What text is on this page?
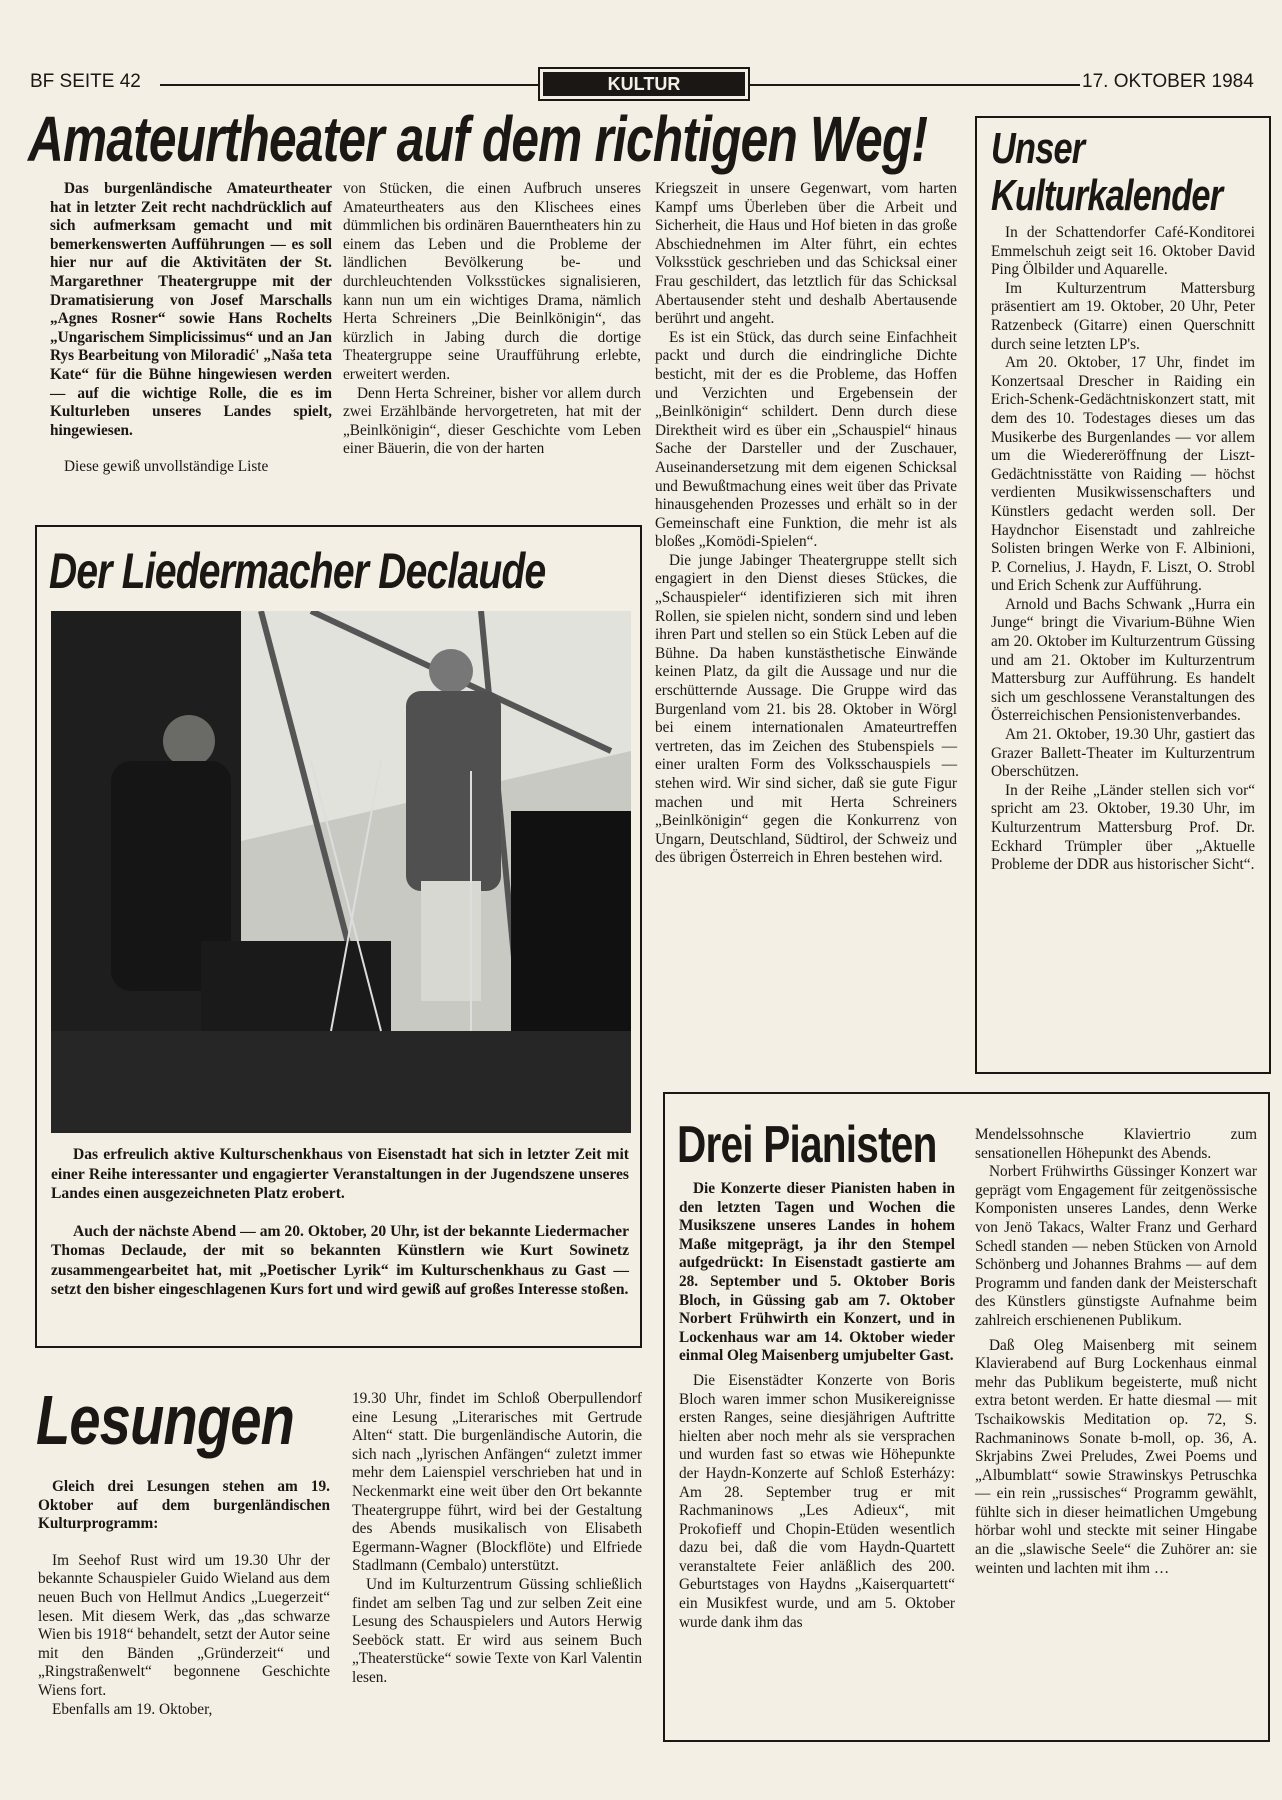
BF SEITE 42	KULTUR	17. OKTOBER 1984
Amateurtheater auf dem richtigen Weg!

Das burgenländische Amateurtheater hat in letzter Zeit recht nachdrücklich auf sich aufmerksam gemacht und mit bemerkenswerten Aufführungen — es soll hier nur auf die Aktivitäten der St. Margarethner Theatergruppe mit der Dramatisierung von Josef Marschalls „Agnes Rosner“ sowie Hans Rochelts „Ungarischem Simplicissimus“ und an Jan Rys Bearbeitung von Miloradić' „Naša teta Kate“ für die Bühne hingewiesen werden — auf die wichtige Rolle, die es im Kulturleben unseres Landes spielt, hingewiesen.

Diese gewiß unvollständige Liste

von Stücken, die einen Aufbruch unseres Amateurtheaters aus den Klischees eines dümmlichen bis ordinären Bauerntheaters hin zu einem das Leben und die Probleme der ländlichen Bevölkerung be- und durchleuchtenden Volksstückes signalisieren, kann nun um ein wichtiges Drama, nämlich Herta Schreiners „Die Beinlkönigin“, das kürzlich in Jabing durch die dortige Theatergruppe seine Uraufführung erlebte, erweitert werden.

Denn Herta Schreiner, bisher vor allem durch zwei Erzählbände hervorgetreten, hat mit der „Beinlkönigin“, dieser Geschichte vom Leben einer Bäuerin, die von der harten

Kriegszeit in unsere Gegenwart, vom harten Kampf ums Überleben über die Arbeit und Sicherheit, die Haus und Hof bieten in das große Abschiednehmen im Alter führt, ein echtes Volksstück geschrieben und das Schicksal einer Frau geschildert, das letztlich für das Schicksal Abertausender steht und deshalb Abertausende berührt und angeht.

Es ist ein Stück, das durch seine Einfachheit packt und durch die eindringliche Dichte besticht, mit der es die Probleme, das Hoffen und Verzichten und Ergebensein der „Beinlkönigin“ schildert. Denn durch diese Direktheit wird es über ein „Schauspiel“ hinaus Sache der Darsteller und der Zuschauer, Auseinandersetzung mit dem eigenen Schicksal und Bewußtmachung eines weit über das Private hinausgehenden Prozesses und erhält so in der Gemeinschaft eine Funktion, die mehr ist als bloßes „Komödi-Spielen“.

Die junge Jabinger Theatergruppe stellt sich engagiert in den Dienst dieses Stückes, die „Schauspieler“ identifizieren sich mit ihren Rollen, sie spielen nicht, sondern sind und leben ihren Part und stellen so ein Stück Leben auf die Bühne. Da haben kunstästhetische Einwände keinen Platz, da gilt die Aussage und nur die erschütternde Aussage. Die Gruppe wird das Burgenland vom 21. bis 28. Oktober in Wörgl bei einem internationalen Amateurtreffen vertreten, das im Zeichen des Stubenspiels — einer uralten Form des Volksschauspiels — stehen wird. Wir sind sicher, daß sie gute Figur machen und mit Herta Schreiners „Beinlkönigin“ gegen die Konkurrenz von Ungarn, Deutschland, Südtirol, der Schweiz und des übrigen Österreich in Ehren bestehen wird.

Unser
Kulturkalender

In der Schattendorfer Café-Konditorei Emmelschuh zeigt seit 16. Oktober David Ping Ölbilder und Aquarelle.

Im Kulturzentrum Mattersburg präsentiert am 19. Oktober, 20 Uhr, Peter Ratzenbeck (Gitarre) einen Querschnitt durch seine letzten LP's.

Am 20. Oktober, 17 Uhr, findet im Konzertsaal Drescher in Raiding ein Erich-Schenk-Gedächtniskonzert statt, mit dem des 10. Todestages dieses um das Musikerbe des Burgenlandes — vor allem um die Wiedereröffnung der Liszt-Gedächtnisstätte von Raiding — höchst verdienten Musikwissenschafters und Künstlers gedacht werden soll. Der Haydnchor Eisenstadt und zahlreiche Solisten bringen Werke von F. Albinioni, P. Cornelius, J. Haydn, F. Liszt, O. Strobl und Erich Schenk zur Aufführung.

Arnold und Bachs Schwank „Hurra ein Junge“ bringt die Vivarium-Bühne Wien am 20. Oktober im Kulturzentrum Güssing und am 21. Oktober im Kulturzentrum Mattersburg zur Aufführung. Es handelt sich um geschlossene Veranstaltungen des Österreichischen Pensionistenverbandes.

Am 21. Oktober, 19.30 Uhr, gastiert das Grazer Ballett-Theater im Kulturzentrum Oberschützen.

In der Reihe „Länder stellen sich vor“ spricht am 23. Oktober, 19.30 Uhr, im Kulturzentrum Mattersburg Prof. Dr. Eckhard Trümpler über „Aktuelle Probleme der DDR aus historischer Sicht“.

Der Liedermacher Declaude

Das erfreulich aktive Kulturschenkhaus von Eisenstadt hat sich in letzter Zeit mit einer Reihe interessanter und engagierter Veranstaltungen in der Jugendszene unseres Landes einen ausgezeichneten Platz erobert.

Auch der nächste Abend — am 20. Oktober, 20 Uhr, ist der bekannte Liedermacher Thomas Declaude, der mit so bekannten Künstlern wie Kurt Sowinetz zusammengearbeitet hat, mit „Poetischer Lyrik“ im Kulturschenkhaus zu Gast — setzt den bisher eingeschlagenen Kurs fort und wird gewiß auf großes Interesse stoßen.

Lesungen

Gleich drei Lesungen stehen am 19. Oktober auf dem burgenländischen Kulturprogramm:

Im Seehof Rust wird um 19.30 Uhr der bekannte Schauspieler Guido Wieland aus dem neuen Buch von Hellmut Andics „Luegerzeit“ lesen. Mit diesem Werk, das „das schwarze Wien bis 1918“ behandelt, setzt der Autor seine mit den Bänden „Gründerzeit“ und „Ringstraßenwelt“ begonnene Geschichte Wiens fort.

Ebenfalls am 19. Oktober,

19.30 Uhr, findet im Schloß Oberpullendorf eine Lesung „Literarisches mit Gertrude Alten“ statt. Die burgenländische Autorin, die sich nach „lyrischen Anfängen“ zuletzt immer mehr dem Laienspiel verschrieben hat und in Neckenmarkt eine weit über den Ort bekannte Theatergruppe führt, wird bei der Gestaltung des Abends musikalisch von Elisabeth Egermann-Wagner (Blockflöte) und Elfriede Stadlmann (Cembalo) unterstützt.

Und im Kulturzentrum Güssing schließlich findet am selben Tag und zur selben Zeit eine Lesung des Schauspielers und Autors Herwig Seeböck statt. Er wird aus seinem Buch „Theaterstücke“ sowie Texte von Karl Valentin lesen.

Drei Pianisten

Die Konzerte dieser Pianisten haben in den letzten Tagen und Wochen die Musikszene unseres Landes in hohem Maße mitgeprägt, ja ihr den Stempel aufgedrückt: In Eisenstadt gastierte am 28. September und 5. Oktober Boris Bloch, in Güssing gab am 7. Oktober Norbert Frühwirth ein Konzert, und in Lockenhaus war am 14. Oktober wieder einmal Oleg Maisenberg umjubelter Gast.

Die Eisenstädter Konzerte von Boris Bloch waren immer schon Musikereignisse ersten Ranges, seine diesjährigen Auftritte hielten aber noch mehr als sie versprachen und wurden fast so etwas wie Höhepunkte der Haydn-Konzerte auf Schloß Esterházy: Am 28. September trug er mit Rachmaninows „Les Adieux“, mit Prokofieff und Chopin-Etüden wesentlich dazu bei, daß die vom Haydn-Quartett veranstaltete Feier anläßlich des 200. Geburtstages von Haydns „Kaiserquartett“ ein Musikfest wurde, und am 5. Oktober wurde dank ihm das

Mendelssohnsche Klaviertrio zum sensationellen Höhepunkt des Abends.

Norbert Frühwirths Güssinger Konzert war geprägt vom Engagement für zeitgenössische Komponisten unseres Landes, denn Werke von Jenö Takacs, Walter Franz und Gerhard Schedl standen — neben Stücken von Arnold Schönberg und Johannes Brahms — auf dem Programm und fanden dank der Meisterschaft des Künstlers günstigste Aufnahme beim zahlreich erschienenen Publikum.

Daß Oleg Maisenberg mit seinem Klavierabend auf Burg Lockenhaus einmal mehr das Publikum begeisterte, muß nicht extra betont werden. Er hatte diesmal — mit Tschaikowskis Meditation op. 72, S. Rachmaninows Sonate b-moll, op. 36, A. Skrjabins Zwei Preludes, Zwei Poems und „Albumblatt“ sowie Strawinskys Petruschka — ein rein „russisches“ Programm gewählt, fühlte sich in dieser heimatlichen Umgebung hörbar wohl und steckte mit seiner Hingabe an die „slawische Seele“ die Zuhörer an: sie weinten und lachten mit ihm …
